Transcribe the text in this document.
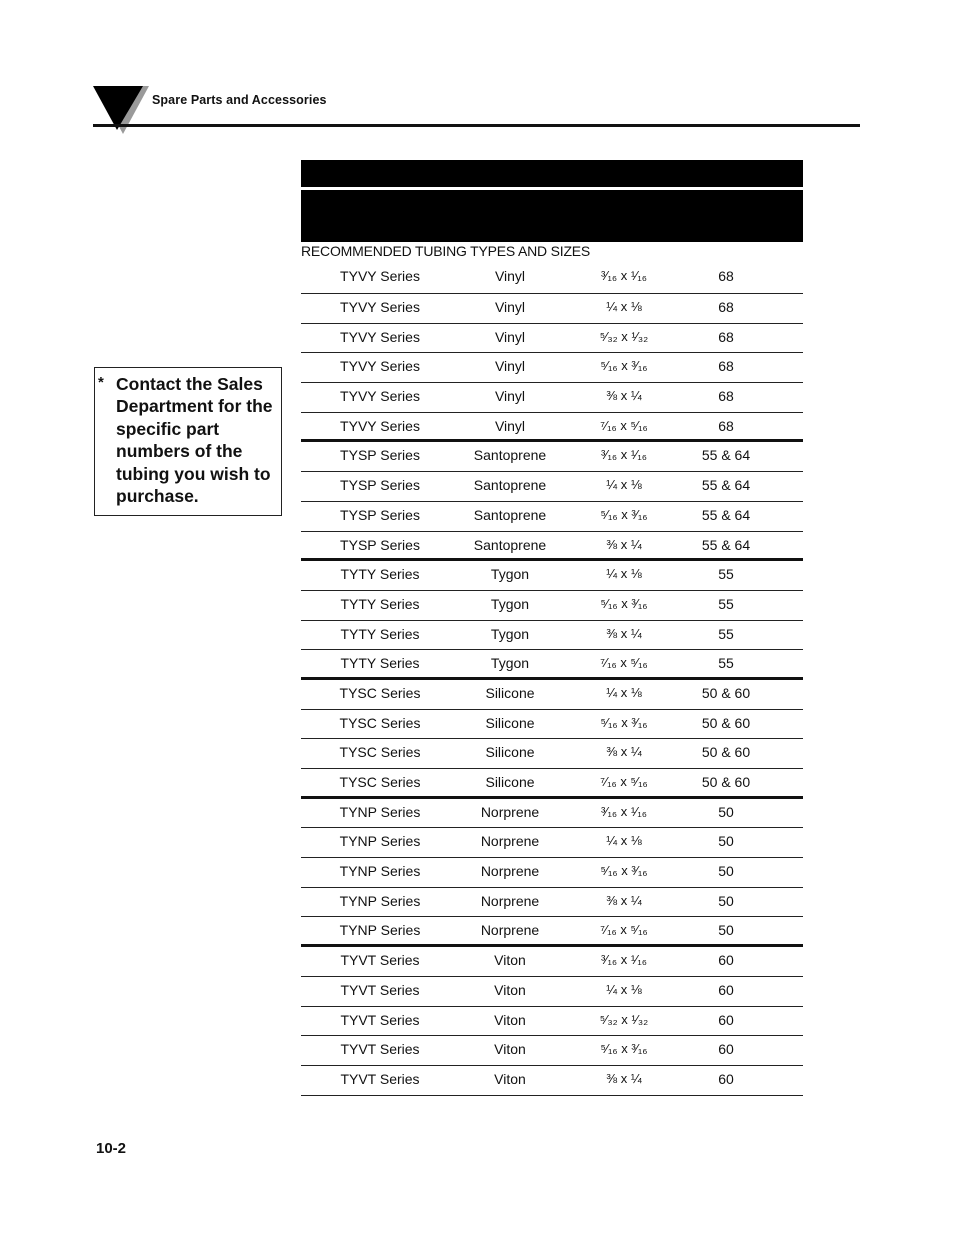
Spare Parts and Accessories
RECOMMENDED TUBING TYPES AND SIZES
TYVY Series	Vinyl	³⁄₁₆ x ¹⁄₁₆	68
TYVY Series	Vinyl	¼ x ⅛	68
TYVY Series	Vinyl	⁵⁄₃₂ x ¹⁄₃₂	68
TYVY Series	Vinyl	⁵⁄₁₆ x ³⁄₁₆	68
TYVY Series	Vinyl	⅜ x ¼	68
TYVY Series	Vinyl	⁷⁄₁₆ x ⁵⁄₁₆	68
TYSP Series	Santoprene	³⁄₁₆ x ¹⁄₁₆	55 & 64
TYSP Series	Santoprene	¼ x ⅛	55 & 64
TYSP Series	Santoprene	⁵⁄₁₆ x ³⁄₁₆	55 & 64
TYSP Series	Santoprene	⅜ x ¼	55 & 64
TYTY Series	Tygon	¼ x ⅛	55
TYTY Series	Tygon	⁵⁄₁₆ x ³⁄₁₆	55
TYTY Series	Tygon	⅜ x ¼	55
TYTY Series	Tygon	⁷⁄₁₆ x ⁵⁄₁₆	55
TYSC Series	Silicone	¼ x ⅛	50 & 60
TYSC Series	Silicone	⁵⁄₁₆ x ³⁄₁₆	50 & 60
TYSC Series	Silicone	⅜ x ¼	50 & 60
TYSC Series	Silicone	⁷⁄₁₆ x ⁵⁄₁₆	50 & 60
TYNP Series	Norprene	³⁄₁₆ x ¹⁄₁₆	50
TYNP Series	Norprene	¼ x ⅛	50
TYNP Series	Norprene	⁵⁄₁₆ x ³⁄₁₆	50
TYNP Series	Norprene	⅜ x ¼	50
TYNP Series	Norprene	⁷⁄₁₆ x ⁵⁄₁₆	50
TYVT Series	Viton	³⁄₁₆ x ¹⁄₁₆	60
TYVT Series	Viton	¼ x ⅛	60
TYVT Series	Viton	⁵⁄₃₂ x ¹⁄₃₂	60
TYVT Series	Viton	⁵⁄₁₆ x ³⁄₁₆	60
TYVT Series	Viton	⅜ x ¼	60
* Contact the Sales Department for the specific part numbers of the tubing you wish to purchase.
10-2
